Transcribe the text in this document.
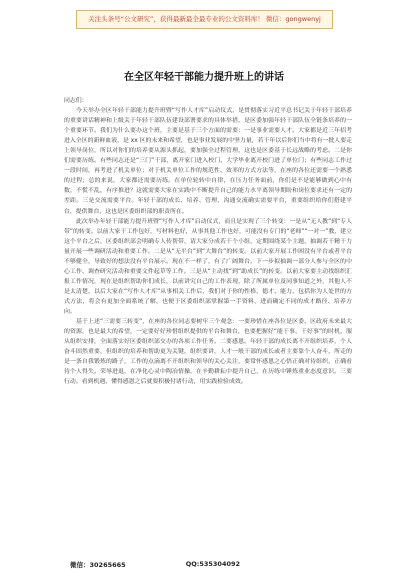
关注头条号“公文研究”，获得最新最全最专业的公文资料库！ 微信：gongwenyj
在全区年轻干部能力提升班上的讲话

同志们：

今天举办全区年轻干部能力提升班暨“写作人才库”启动仪式，是贯彻落实习近平总书记关于年轻干部培养的重要讲话精神和上级关于年轻干部队伍建设部署要求的具体举措，是区委加强年轻干部队伍全链条培养的一个重要环节。我们为什么要办这个班，主要是基于三个方面的需要：一是事业需要人才。大家都是近三年招考进入全区的新鲜血液，是 xx 区的未来和希望，也是事业发展的中坚力量，若干年以后你们当中将有一批人要走上领导岗位，所以对你们的培养要从源头抓起，要加强全过程管理，这也是区委基于长远战略的考虑。二是你们需要历练。有些同志还是“三门”干部，离开家门进入校门，大学毕业离开校门进了单位门；有些同志工作过一段时间，再考进了机关单位；对于机关单位工作的规范性、效率的方式方法等，在座的各位还需要一个熟悉的过程；总的来说，大家都还需要历练。在单位轮转中自律，在压力任务面前，你们是不是能够做到心中有数，不慌不乱，有序推进？这就需要大家在实践中不断提升自己的能力水平离领导期盼和岗位要求还有一定的差距。三是交流需要平台。年轻干部的成长、培养、管理、沟通交流确实需要平台，重要组织给你们搭建平台，提供舞台，这也是区委组织部的职责所在。

此次举办年轻干部能力提升班暨“写作人才库”启动仪式，而且是实现了三个转变：一是从“无人教”到“专人带”的转变。以前大家干工作包好，写材料也好，从事其他工作也好，可能没有专门的“老师”“一对一”教，建立这个平台之后，区委组织部会明确专人传帮带，请大家分成若干个小组，定期围绕某个主题，抽调若干精干力量开展一些调研活动和重要工作。二是从“无平台”到“大舞台”的转变。以前大家开展工作困没有平台或者平台不够健全，导致好的想法没有平台展示。现在不一样了，有了广阔舞台。下一步拟抽调一部分人参与全区的中心工作、调查研究活动和重要文件起草等工作。三是从“主动找”到“助成长”的转变。以前大家要主动找组织汇报工作情况，现在是组织帮助你们成长，以前讲究自己的工作表现，除了所属单位及同事知道之外，其他人不是太清楚，以后大家在“写作人才库”从事相关工作后，我们对于你的性格、德才、能力、包括你为人处世的方式方法，将会有更加全面系统了解，也便于区委组织部掌握第一手资料，进而确定不同的成才路径、培养方向。

基于上述“三需要三转变”，在座的各位同志要树牢三个观念：一要珍惜在座各位是区委、区政府未来最大的资源，也是最大的希望，一定要好好珍惜组织提供的平台和舞台，也要把握好“能干事、干好事”的时机，服从组织安排，全面落实好区委组织部交办的各项工作任务。二要感恩。年轻干部的成长离不开组织培养，个人奋斗固然重要，但组织的培养和帮助更为关键，组织要讲，人才一般干部的成长或者主要靠个人奋斗，所走的是一条自我锻炼的路子，工作的点滴离不开组织和领导的关心关注，要常怀感恩之心悟正确对待组织，正确看待个人得失。荣辱进退，在净化心灵中陶冶情操，在辛勤耕耘中提升自己，在历练中锤炼重业态度意识。三要行动。看到机遇、懂得感恩之后就要积极付诸行动，用实践检验成效。

微信：30265665	QQ:535304092
